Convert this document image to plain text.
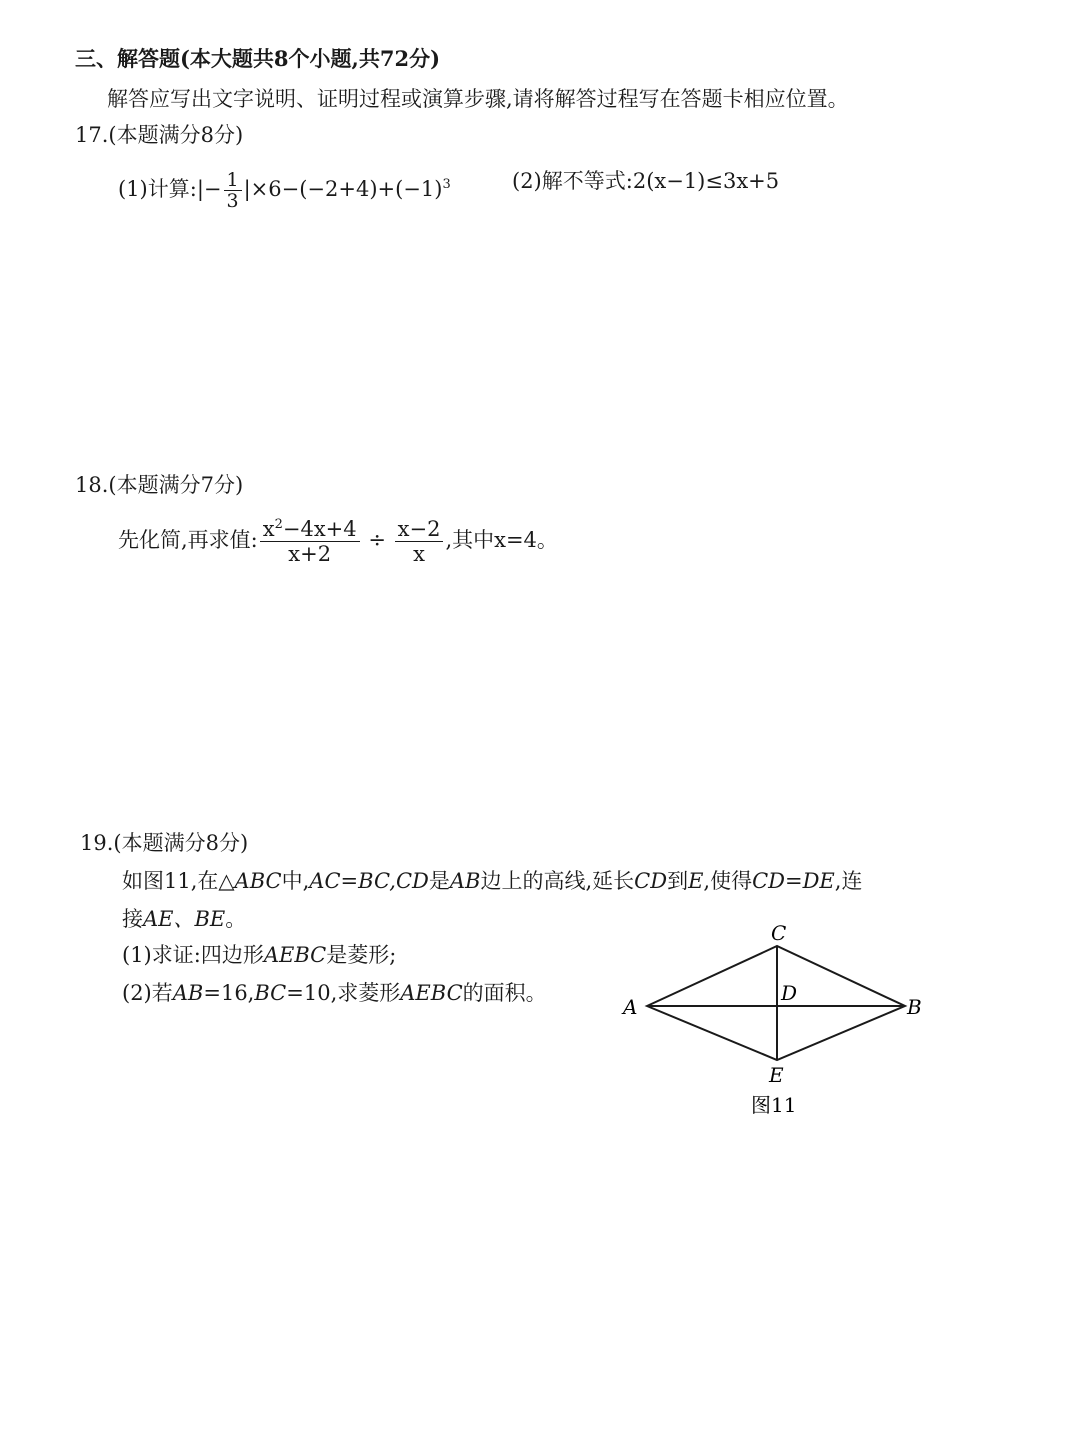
三、解答题(本大题共8个小题,共72分)
解答应写出文字说明、证明过程或演算步骤,请将解答过程写在答题卡相应位置。
17.(本题满分8分)
(1)计算:|− $\frac{1}{3} |\times 6-(-2+4)+(-1)^3$	(2)解不等式:2(x−1)≤3x+5
18.(本题满分7分)
先化简,再求值: $\frac{x^2-4x+4}{x+2} \div \frac{x-2}{x}$ ,其中x=4。
19.(本题满分8分)
如图11,在△ABC中,AC=BC,CD是AB边上的高线,延长CD到E,使得CD=DE,连
接AE、BE。
(1)求证:四边形AEBC是菱形;
(2)若AB=16,BC=10,求菱形AEBC的面积。
C
A	B
D
E
图11
